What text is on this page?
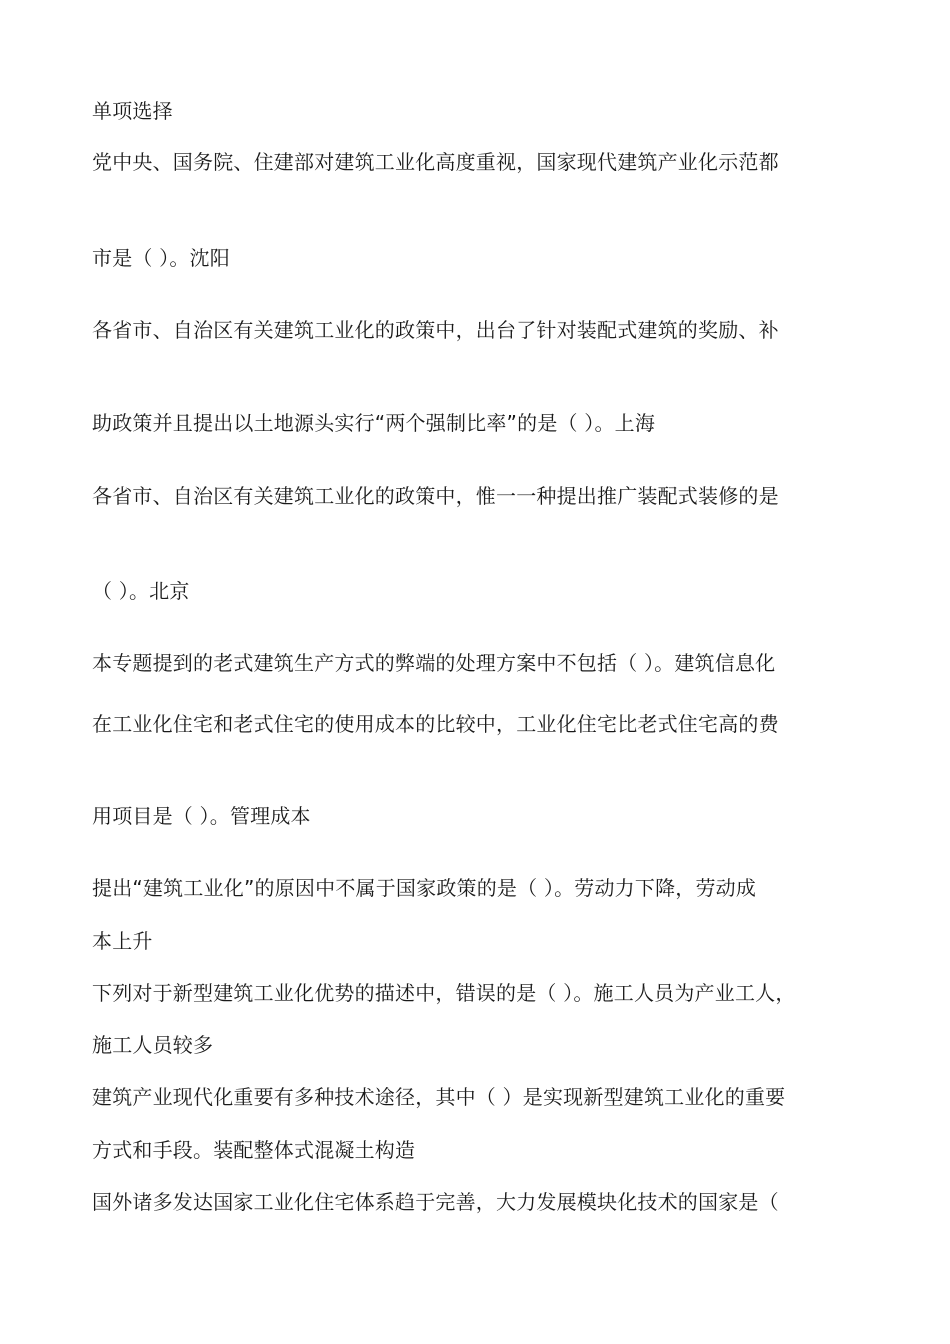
单项选择
党中央、国务院、住建部对建筑工业化高度重视，国家现代建筑产业化示范都
市是（ ）。沈阳
各省市、自治区有关建筑工业化的政策中，出台了针对装配式建筑的奖励、补
助政策并且提出以土地源头实行“两个强制比率”的是（ ）。上海
各省市、自治区有关建筑工业化的政策中，惟一一种提出推广装配式装修的是
（ ）。北京
本专题提到的老式建筑生产方式的弊端的处理方案中不包括（ ）。建筑信息化
在工业化住宅和老式住宅的使用成本的比较中，工业化住宅比老式住宅高的费
用项目是（ ）。管理成本
提出“建筑工业化”的原因中不属于国家政策的是（ ）。劳动力下降，劳动成
本上升
下列对于新型建筑工业化优势的描述中，错误的是（ ）。施工人员为产业工人，
施工人员较多
建筑产业现代化重要有多种技术途径，其中（ ）是实现新型建筑工业化的重要
方式和手段。装配整体式混凝土构造
国外诸多发达国家工业化住宅体系趋于完善，大力发展模块化技术的国家是（
